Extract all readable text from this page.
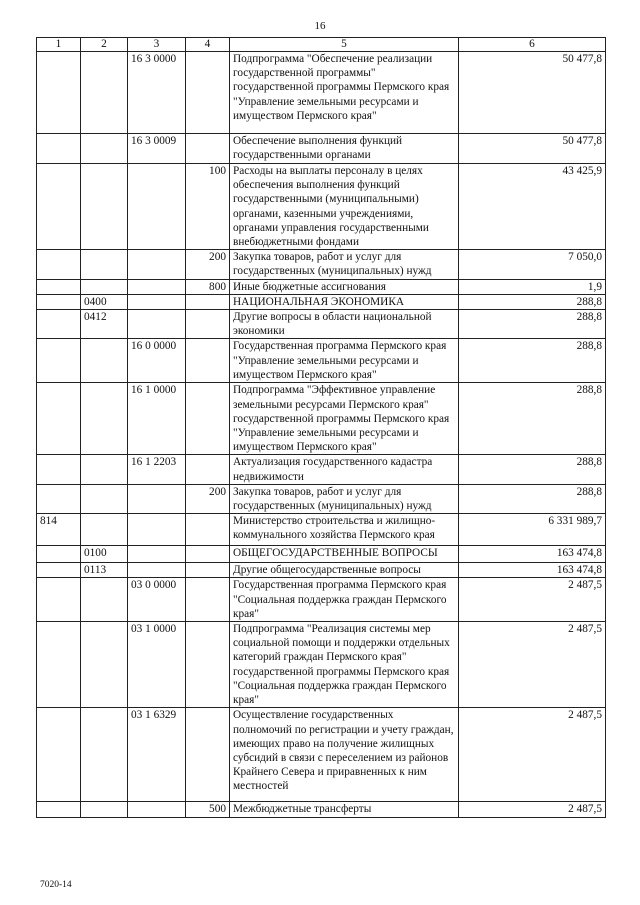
16
1	2	3	4	5	6
		16 3 0000		Подпрограмма "Обеспечение реализации государственной программы" государственной программы Пермского края "Управление земельными ресурсами и имуществом Пермского края"	50 477,8
		16 3 0009		Обеспечение выполнения функций государственными органами	50 477,8
			100	Расходы на выплаты персоналу в целях обеспечения выполнения функций государственными (муниципальными) органами, казенными учреждениями, органами управления государственными внебюджетными фондами	43 425,9
			200	Закупка товаров, работ и услуг для государственных (муниципальных) нужд	7 050,0
			800	Иные бюджетные ассигнования	1,9
	0400			НАЦИОНАЛЬНАЯ ЭКОНОМИКА	288,8
	0412			Другие вопросы в области национальной экономики	288,8
		16 0 0000		Государственная программа Пермского края "Управление земельными ресурсами и имуществом Пермского края"	288,8
		16 1 0000		Подпрограмма "Эффективное управление земельными ресурсами Пермского края" государственной программы Пермского края "Управление земельными ресурсами и имуществом Пермского края"	288,8
		16 1 2203		Актуализация государственного кадастра недвижимости	288,8
			200	Закупка товаров, работ и услуг для государственных (муниципальных) нужд	288,8
814				Министерство строительства и жилищно-коммунального хозяйства Пермского края	6 331 989,7
	0100			ОБЩЕГОСУДАРСТВЕННЫЕ ВОПРОСЫ	163 474,8
	0113			Другие общегосударственные вопросы	163 474,8
		03 0 0000		Государственная программа Пермского края "Социальная поддержка граждан Пермского края"	2 487,5
		03 1 0000		Подпрограмма "Реализация системы мер социальной помощи и поддержки отдельных категорий граждан Пермского края" государственной программы Пермского края "Социальная поддержка граждан Пермского края"	2 487,5
		03 1 6329		Осуществление государственных полномочий по регистрации и учету граждан, имеющих право на получение жилищных субсидий в связи с переселением из районов Крайнего Севера и приравненных к ним местностей	2 487,5
			500	Межбюджетные трансферты	2 487,5
7020-14
